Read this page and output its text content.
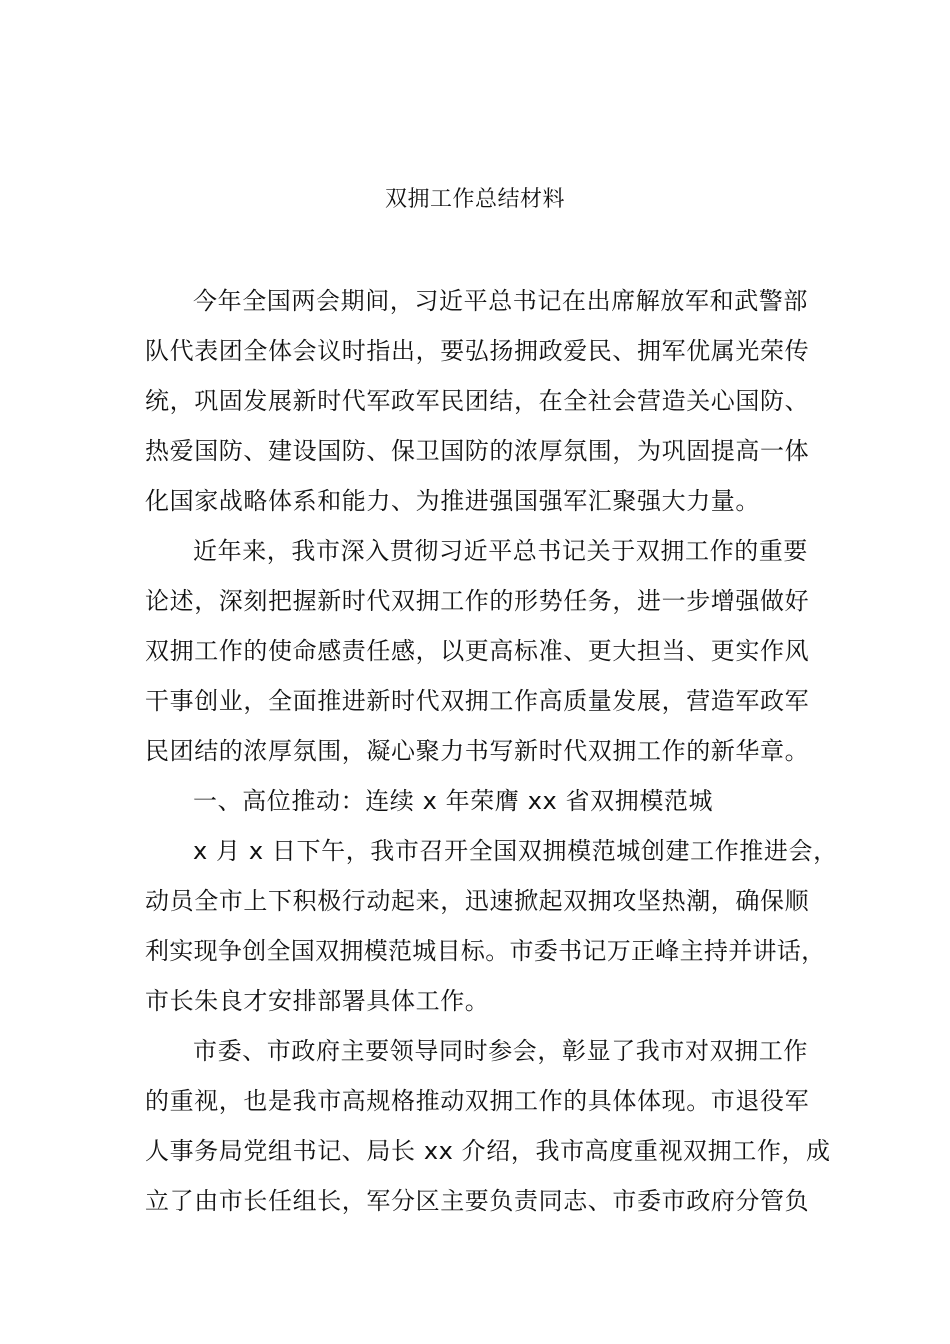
双拥工作总结材料
今年全国两会期间，习近平总书记在出席解放军和武警部
队代表团全体会议时指出，要弘扬拥政爱民、拥军优属光荣传
统，巩固发展新时代军政军民团结，在全社会营造关心国防、
热爱国防、建设国防、保卫国防的浓厚氛围，为巩固提高一体
化国家战略体系和能力、为推进强国强军汇聚强大力量。
近年来，我市深入贯彻习近平总书记关于双拥工作的重要
论述，深刻把握新时代双拥工作的形势任务，进一步增强做好
双拥工作的使命感责任感，以更高标准、更大担当、更实作风
干事创业，全面推进新时代双拥工作高质量发展，营造军政军
民团结的浓厚氛围，凝心聚力书写新时代双拥工作的新华章。
一、高位推动：连续 x 年荣膺 xx 省双拥模范城
x 月 x 日下午，我市召开全国双拥模范城创建工作推进会，
动员全市上下积极行动起来，迅速掀起双拥攻坚热潮，确保顺
利实现争创全国双拥模范城目标。市委书记万正峰主持并讲话，
市长朱良才安排部署具体工作。
市委、市政府主要领导同时参会，彰显了我市对双拥工作
的重视，也是我市高规格推动双拥工作的具体体现。市退役军
人事务局党组书记、局长 xx 介绍，我市高度重视双拥工作，成
立了由市长任组长，军分区主要负责同志、市委市政府分管负
